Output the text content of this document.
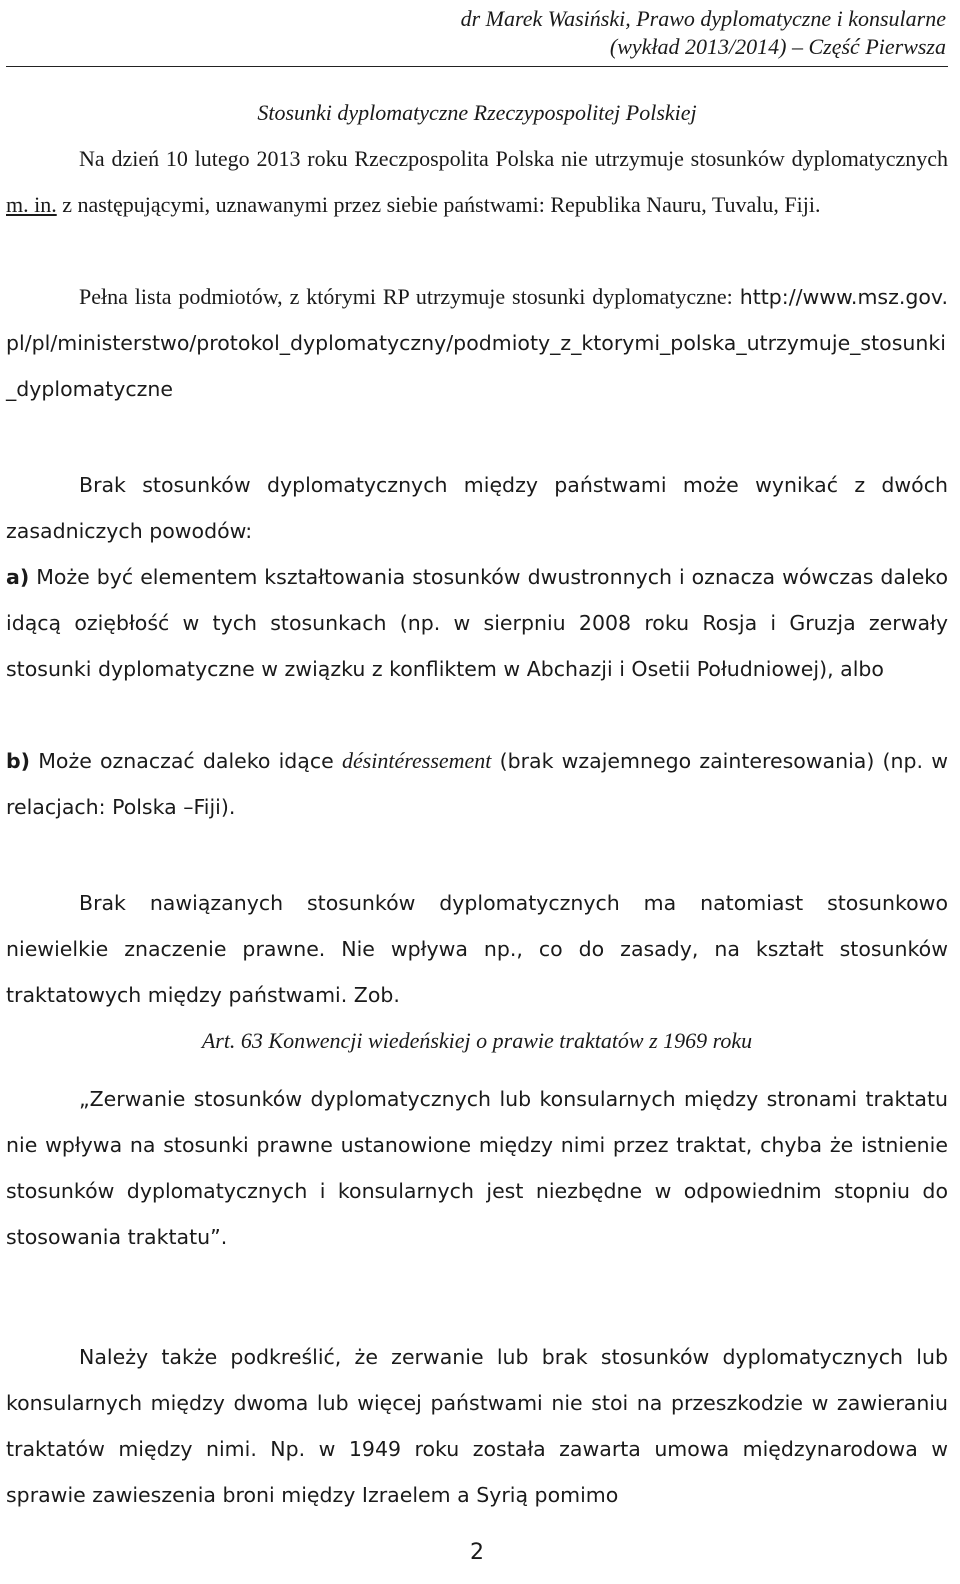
dr Marek Wasiński, Prawo dyplomatyczne i konsularne
(wykład 2013/2014) – Część Pierwsza
Stosunki dyplomatyczne Rzeczypospolitej Polskiej

Na dzień 10 lutego 2013 roku Rzeczpospolita Polska nie utrzymuje stosunków dyplomatycznych m. in. z następującymi, uznawanymi przez siebie państwami: Republika Nauru, Tuvalu, Fiji.

Pełna lista podmiotów, z którymi RP utrzymuje stosunki dyplomatyczne: http://www.msz.gov.pl/pl/ministerstwo/protokol_dyplomatyczny/podmioty_z_ktorymi_polska_utrzymuje_stosunki_dyplomatyczne

Brak stosunków dyplomatycznych między państwami może wynikać z dwóch zasadniczych powodów:

a) Może być elementem kształtowania stosunków dwustronnych i oznacza wówczas daleko idącą oziębłość w tych stosunkach (np. w sierpniu 2008 roku Rosja i Gruzja zerwały stosunki dyplomatyczne w związku z konfliktem w Abchazji i Osetii Południowej), albo

b) Może oznaczać daleko idące désintéressement (brak wzajemnego zainteresowania) (np. w relacjach: Polska –Fiji).

Brak nawiązanych stosunków dyplomatycznych ma natomiast stosunkowo niewielkie znaczenie prawne. Nie wpływa np., co do zasady, na kształt stosunków traktatowych między państwami. Zob.

Art. 63 Konwencji wiedeńskiej o prawie traktatów z 1969 roku

„Zerwanie stosunków dyplomatycznych lub konsularnych między stronami traktatu nie wpływa na stosunki prawne ustanowione między nimi przez traktat, chyba że istnienie stosunków dyplomatycznych i konsularnych jest niezbędne w odpowiednim stopniu do stosowania traktatu”.

Należy także podkreślić, że zerwanie lub brak stosunków dyplomatycznych lub konsularnych między dwoma lub więcej państwami nie stoi na przeszkodzie w zawieraniu traktatów między nimi. Np. w 1949 roku została zawarta umowa międzynarodowa w sprawie zawieszenia broni między Izraelem a Syrią pomimo

2
